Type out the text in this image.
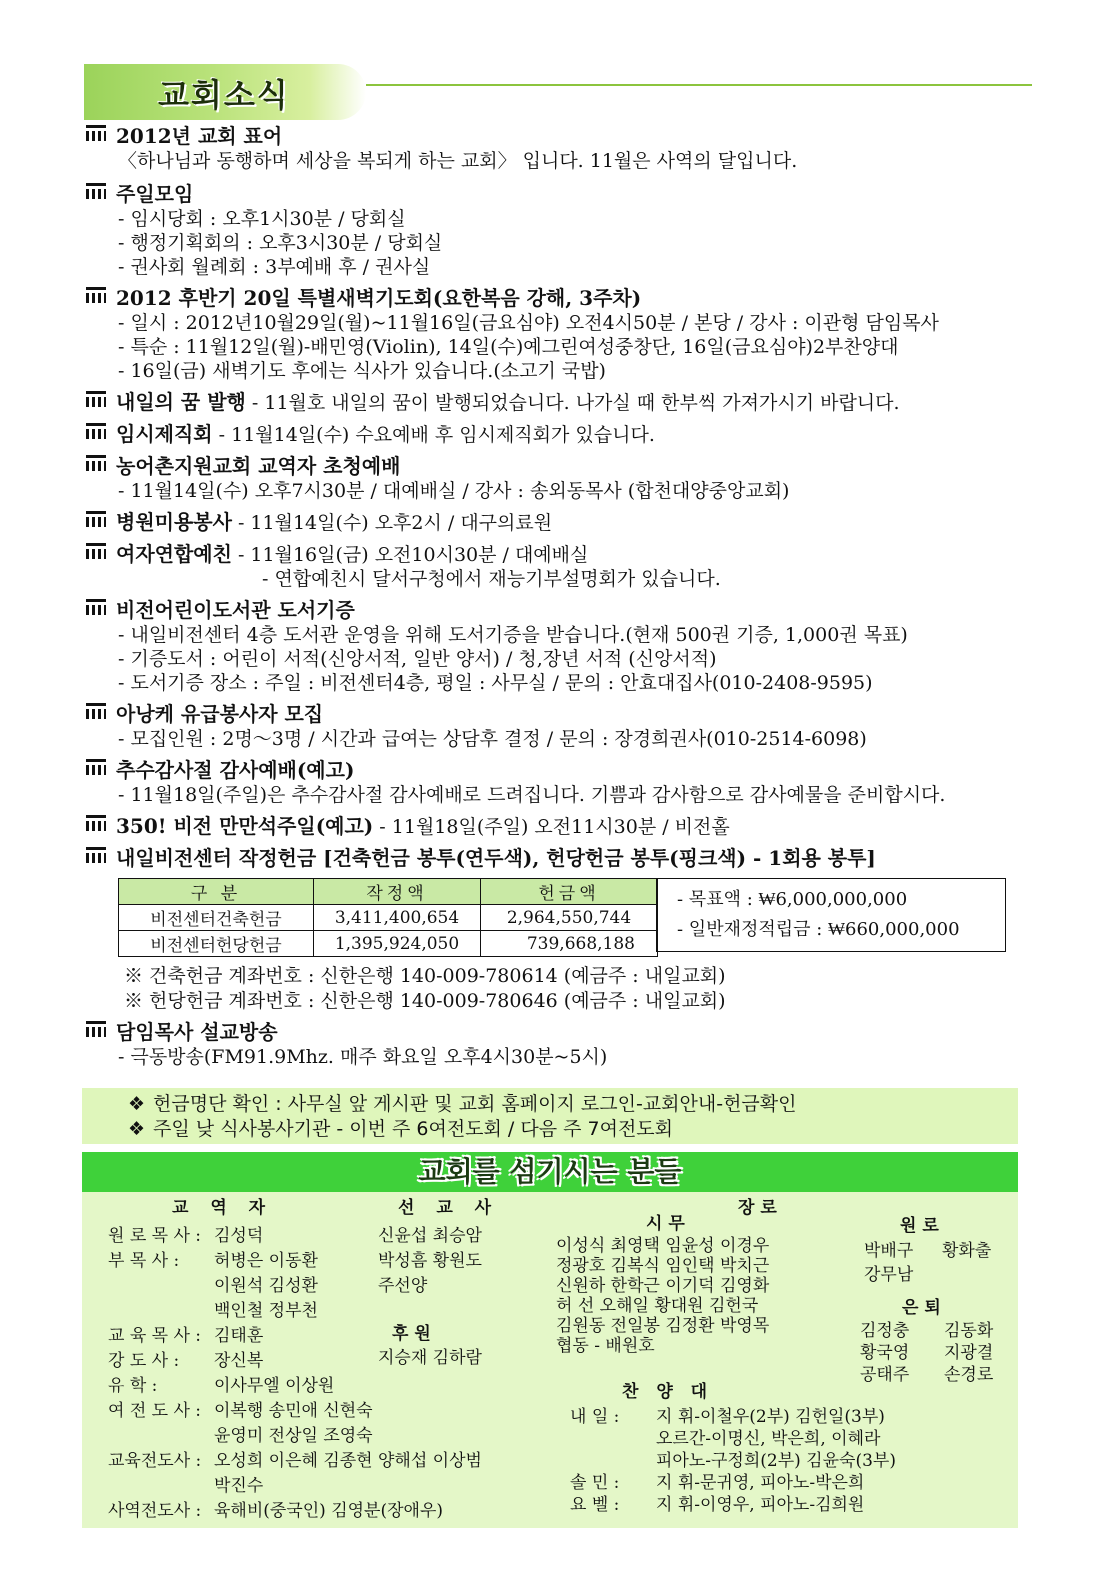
교회소식
2012년 교회 표어
〈하나님과 동행하며 세상을 복되게 하는 교회〉 입니다. 11월은 사역의 달입니다.
주일모임
- 임시당회 : 오후1시30분 / 당회실
- 행정기획회의 : 오후3시30분 / 당회실
- 권사회 월례회 : 3부예배 후 / 권사실
2012 후반기 20일 특별새벽기도회(요한복음 강해, 3주차)
- 일시 : 2012년10월29일(월)~11월16일(금요심야) 오전4시50분 / 본당 / 강사 : 이관형 담임목사
- 특순 : 11월12일(월)-배민영(Violin), 14일(수)예그린여성중창단, 16일(금요심야)2부찬양대
- 16일(금) 새벽기도 후에는 식사가 있습니다.(소고기 국밥)
내일의 꿈 발행 - 11월호 내일의 꿈이 발행되었습니다. 나가실 때 한부씩 가져가시기 바랍니다.
임시제직회 - 11월14일(수) 수요예배 후 임시제직회가 있습니다.
농어촌지원교회 교역자 초청예배
- 11월14일(수) 오후7시30분 / 대예배실 / 강사 : 송외동목사 (합천대양중앙교회)
병원미용봉사 - 11월14일(수) 오후2시 / 대구의료원
여자연합예친 - 11월16일(금) 오전10시30분 / 대예배실
- 연합예친시 달서구청에서 재능기부설명회가 있습니다.
비전어린이도서관 도서기증
- 내일비전센터 4층 도서관 운영을 위해 도서기증을 받습니다.(현재 500권 기증, 1,000권 목표)
- 기증도서 : 어린이 서적(신앙서적, 일반 양서) / 청,장년 서적 (신앙서적)
- 도서기증 장소 : 주일 : 비전센터4층, 평일 : 사무실 / 문의 : 안효대집사(010-2408-9595)
아낭케 유급봉사자 모집
- 모집인원 : 2명～3명 / 시간과 급여는 상담후 결정 / 문의 : 장경희권사(010-2514-6098)
추수감사절 감사예배(예고)
- 11월18일(주일)은 추수감사절 감사예배로 드려집니다. 기쁨과 감사함으로 감사예물을 준비합시다.
350! 비전 만만석주일(예고) - 11월18일(주일) 오전11시30분 / 비전홀
내일비전센터 작정헌금 [건축헌금 봉투(연두색), 헌당헌금 봉투(핑크색) - 1회용 봉투]
구 분	작정액	헌금액
비전센터건축헌금	3,411,400,654	2,964,550,744
비전센터헌당헌금	1,395,924,050	739,668,188
- 목표액 : ₩6,000,000,000
- 일반재정적립금 : ₩660,000,000
※ 건축헌금 계좌번호 : 신한은행 140-009-780614 (예금주 : 내일교회)
※ 헌당헌금 계좌번호 : 신한은행 140-009-780646 (예금주 : 내일교회)
담임목사 설교방송
- 극동방송(FM91.9Mhz. 매주 화요일 오후4시30분~5시)
❖ 헌금명단 확인 : 사무실 앞 게시판 및 교회 홈페이지 로그인-교회안내-헌금확인
❖ 주일 낮 식사봉사기관 - 이번 주 6여전도회 / 다음 주 7여전도회
교회를 섬기시는 분들
교 역 자
원 로 목 사 : 김성덕
부 목 사 : 허병은 이동환
이원석 김성환
백인철 정부천
교 육 목 사 : 김태훈
강 도 사 : 장신복
유 학 :	이사무엘 이상원
여 전 도 사 : 이복행 송민애 신현숙
윤영미 전상일 조영숙
교육전도사 : 오성희 이은혜 김종현 양해섭 이상범
박진수
사역전도사 : 육해비(중국인) 김영분(장애우)
선 교 사
신윤섭 최승암
박성흠 황원도
주선양
후 원
지승재 김하람
장 로
시 무
이성식 최영택 임윤성 이경우
정광호 김복식 임인택 박치근
신원하 한학근 이기덕 김영화
허 선 오해일 황대원 김헌국
김원동 전일봉 김정환 박영목
협동 - 배원호
원 로
박배구 황화출
강무남
은 퇴
김정충 김동화
황국영 지광결
공태주 손경로
찬 양 대
내 일 : 지 휘-이철우(2부) 김헌일(3부)
오르간-이명신, 박은희, 이혜라
피아노-구정희(2부) 김윤숙(3부)
솔 민 : 지 휘-문귀영, 피아노-박은희
요 벨 : 지 휘-이영우, 피아노-김희원
